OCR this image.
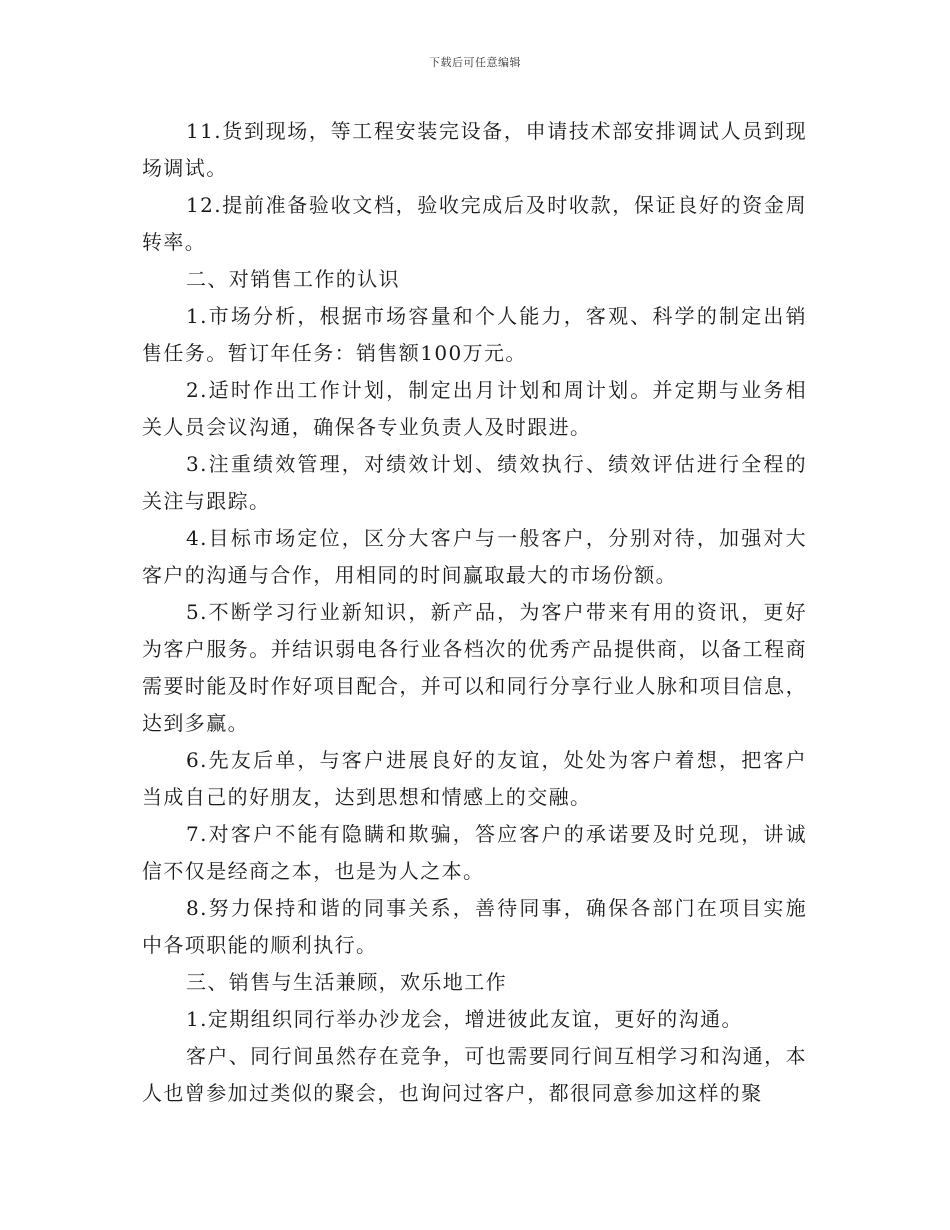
下载后可任意编辑

11.货到现场，等工程安装完设备，申请技术部安排调试人员到现场调试。

12.提前准备验收文档，验收完成后及时收款，保证良好的资金周转率。

二、对销售工作的认识

1.市场分析，根据市场容量和个人能力，客观、科学的制定出销售任务。暂订年任务：销售额100万元。

2.适时作出工作计划，制定出月计划和周计划。并定期与业务相关人员会议沟通，确保各专业负责人及时跟进。

3.注重绩效管理，对绩效计划、绩效执行、绩效评估进行全程的关注与跟踪。

4.目标市场定位，区分大客户与一般客户，分别对待，加强对大客户的沟通与合作，用相同的时间赢取最大的市场份额。

5.不断学习行业新知识，新产品，为客户带来有用的资讯，更好为客户服务。并结识弱电各行业各档次的优秀产品提供商，以备工程商需要时能及时作好项目配合，并可以和同行分享行业人脉和项目信息，达到多赢。

6.先友后单，与客户进展良好的友谊，处处为客户着想，把客户当成自己的好朋友，达到思想和情感上的交融。

7.对客户不能有隐瞒和欺骗，答应客户的承诺要及时兑现，讲诚信不仅是经商之本，也是为人之本。

8.努力保持和谐的同事关系，善待同事，确保各部门在项目实施中各项职能的顺利执行。

三、销售与生活兼顾，欢乐地工作

1.定期组织同行举办沙龙会，增进彼此友谊，更好的沟通。

客户、同行间虽然存在竞争，可也需要同行间互相学习和沟通，本人也曾参加过类似的聚会，也询问过客户，都很同意参加这样的聚
